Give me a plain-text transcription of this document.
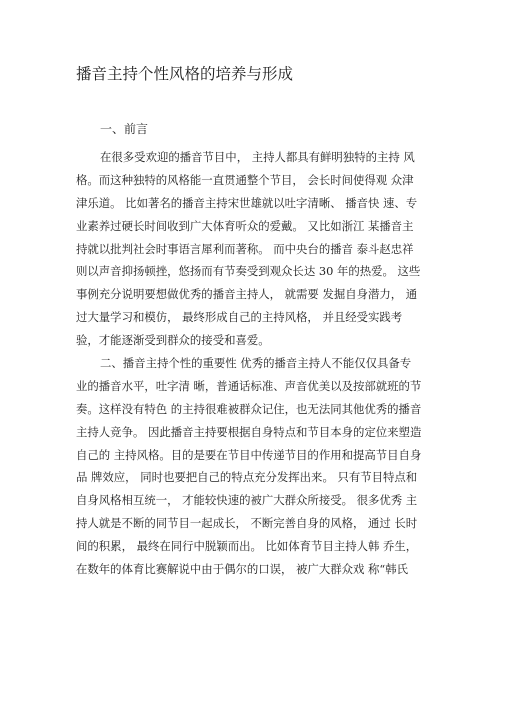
播音主持个性风格的培养与形成
一、前言
在很多受欢迎的播音节目中， 主持人都具有鲜明独特的主持 风
格。而这种独特的风格能一直贯通整个节目， 会长时间使得观 众津
津乐道。 比如著名的播音主持宋世雄就以吐字清晰、 播音快 速、专
业素养过硬长时间收到广大体育听众的爱戴。 又比如浙江 某播音主
持就以批判社会时事语言犀利而著称。 而中央台的播音 泰斗赵忠祥
则以声音抑扬顿挫，悠扬而有节奏受到观众长达 30 年的热爱。 这些
事例充分说明要想做优秀的播音主持人， 就需要 发掘自身潜力， 通
过大量学习和模仿， 最终形成自己的主持风格， 并且经受实践考
验，才能逐渐受到群众的接受和喜爱。
二、播音主持个性的重要性 优秀的播音主持人不能仅仅具备专
业的播音水平，吐字清 晰，普通话标准、声音优美以及按部就班的节
奏。这样没有特色 的主持很难被群众记住，也无法同其他优秀的播音
主持人竞争。 因此播音主持要根据自身特点和节目本身的定位来塑造
自己的 主持风格。目的是要在节目中传递节目的作用和提高节目自身
品 牌效应， 同时也要把自己的特点充分发挥出来。 只有节目特点和
自身风格相互统一， 才能较快速的被广大群众所接受。 很多优秀 主
持人就是不断的同节目一起成长， 不断完善自身的风格， 通过 长时
间的积累， 最终在同行中脱颖而出。 比如体育节目主持人韩 乔生，
在数年的体育比赛解说中由于偶尔的口误， 被广大群众戏 称“韩氏
